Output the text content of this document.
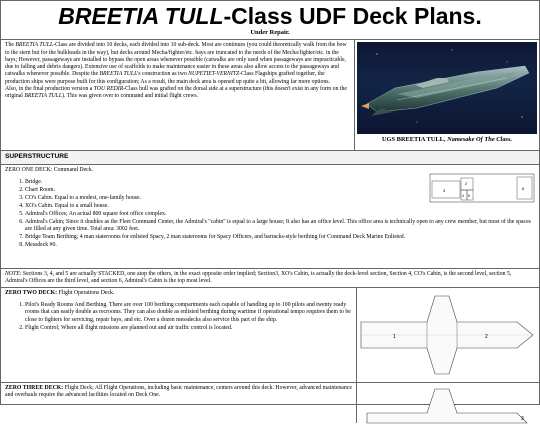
BREETIA TULL-Class UDF Deck Plans.
Under Repair.

The BREETIA TULL-Class are divided into 10 decks, each divided into 10 sub-deck. Most are continues (you could theoretically walk from the bow to the stern but for the bulkheads in the way), but decks around Mecha/fighter/etc. bays are truncated to the needs of the Mecha/fighter/etc. in the bays; However, passageways are installed to bypass the open areas whenever possible (catwalks are only used when passageways are impracticable, due to falling and debris dangers). Extensive use of scaffolds to make maintenance easier in these areas also allow access to the passageways and catwalks whenever possible. Despite the BREETIA TULL's construction as two NUPETIET-VERNITZ-Class Flagships grafted together, the production ships were purpose built for this configuration; As a result, the main deck area is opened up quite a bit, allowing far more options.

Also, in the final production version a TOU REDIR-Class hull was grafted on the dorsal side at a superstructure (this doesn't exist in any form on the original BREETIA TULL). This was given over to command and initial flight crews.

UGS BREETIA TULL, Namesake Of The Class.
SUPERSTRUCTURE
ZERO ONE DECK: Command Deck.
1. Bridge.
2. Chart Room.
3. CO's Cabin. Equal to a modest, one-family house.
4. XO's Cabin. Equal to a small house.
5. Admiral's Offices; An actual 800 square foot office complex.
6. Admiral's Cabin; Since it doubles as the Fleet Command Center, the Admiral's "cabin" is equal to a large house; It also has an office level. This office area is technically open to any crew member, but most of the spaces are filled at any given time. Total area: 3002 feet.
7. Bridge Team Berthing; 4 man staterooms for enlisted Spacy, 2 man staterooms for Spacy Officers, and barracks-style berthing for Command Deck Marine Enlisted.
8. Messdeck #0.
3
2
4 5
6
NOTE: Sections 3, 4, and 5 are actually STACKED, one atop the others, in the exact opposite order implied; Section3, XO's Cabin, is actually the deck-level section, Section 4, CO's Cabin, is the second level, section 5, Admiral's Offices are the third level, and section 6, Admiral's Cabin is the top most level.
ZERO TWO DECK: Flight Operations Deck.
1. Pilot's Ready Rooms And Berthing. There are over 100 berthing compartments each capable of handling up to 100 pilots and twenty ready rooms that can easily double as recrooms. They can also double as enlisted berthing during wartime if operational tempo requires them to be close to fighters for servicing, repair bays, and etc. Over a dozen messdecks also service this part of the ship.
2. Flight Control; Where all flight missions are planned out and air traffic control is located.
1	2
ZERO THREE DECK: Flight Deck; All Flight Operations, including basic maintenance, centers around this deck. However, advanced maintenance and overhauls require the advanced facilities located on Deck One.
3
